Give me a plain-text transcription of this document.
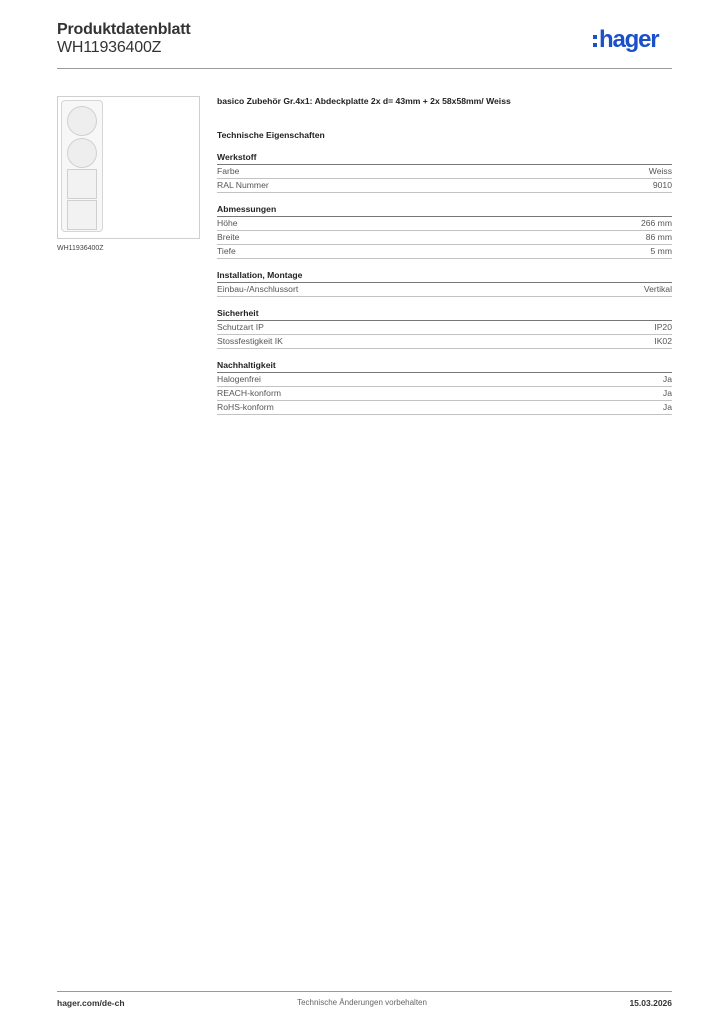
Produktdatenblatt
WH11936400Z	hager
WH11936400Z
basico Zubehör Gr.4x1: Abdeckplatte 2x d= 43mm + 2x 58x58mm/ Weiss
Technische Eigenschaften
Werkstoff
Farbe	Weiss
RAL Nummer	9010
Abmessungen
Höhe	266 mm
Breite	86 mm
Tiefe	5 mm
Installation, Montage
Einbau-/Anschlussort	Vertikal
Sicherheit
Schutzart IP	IP20
Stossfestigkeit IK	IK02
Nachhaltigkeit
Halogenfrei	Ja
REACH-konform	Ja
RoHS-konform	Ja
hager.com/de-ch	Technische Änderungen vorbehalten	15.03.2026
